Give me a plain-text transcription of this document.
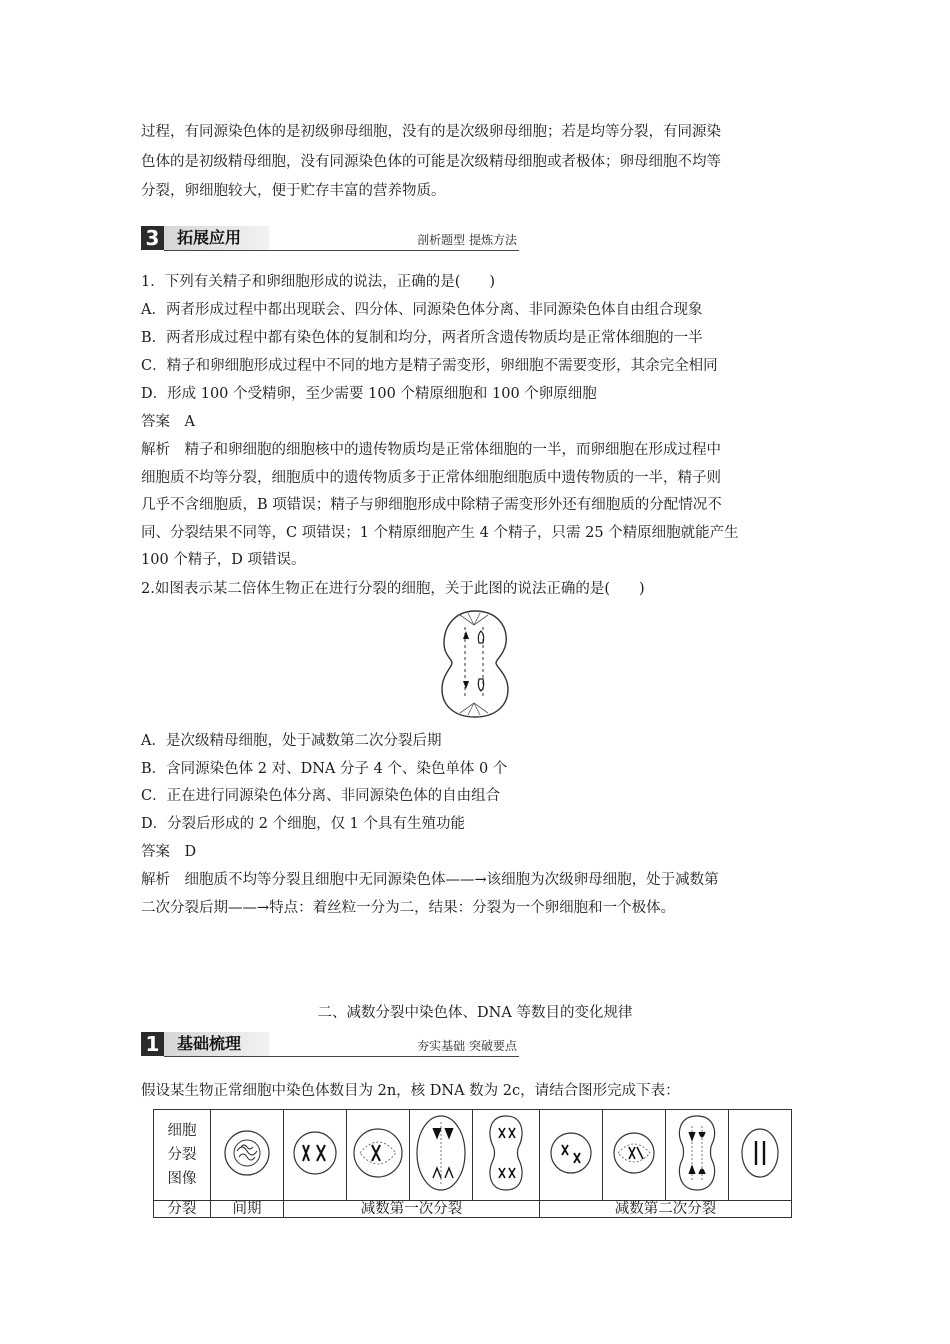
过程，有同源染色体的是初级卵母细胞，没有的是次级卵母细胞；若是均等分裂，有同源染
色体的是初级精母细胞，没有同源染色体的可能是次级精母细胞或者极体；卵母细胞不均等
分裂，卵细胞较大，便于贮存丰富的营养物质。
3 拓展应用	剖析题型 提炼方法
1．下列有关精子和卵细胞形成的说法，正确的是(　　)
A．两者形成过程中都出现联会、四分体、同源染色体分离、非同源染色体自由组合现象
B．两者形成过程中都有染色体的复制和均分，两者所含遗传物质均是正常体细胞的一半
C．精子和卵细胞形成过程中不同的地方是精子需变形，卵细胞不需要变形，其余完全相同
D．形成 100 个受精卵，至少需要 100 个精原细胞和 100 个卵原细胞
答案　A
解析　精子和卵细胞的细胞核中的遗传物质均是正常体细胞的一半，而卵细胞在形成过程中
细胞质不均等分裂，细胞质中的遗传物质多于正常体细胞细胞质中遗传物质的一半，精子则
几乎不含细胞质，B 项错误；精子与卵细胞形成中除精子需变形外还有细胞质的分配情况不
同、分裂结果不同等，C 项错误；1 个精原细胞产生 4 个精子，只需 25 个精原细胞就能产生
100 个精子，D 项错误。
2.如图表示某二倍体生物正在进行分裂的细胞，关于此图的说法正确的是(　　)
A．是次级精母细胞，处于减数第二次分裂后期
B．含同源染色体 2 对、DNA 分子 4 个、染色单体 0 个
C．正在进行同源染色体分离、非同源染色体的自由组合
D．分裂后形成的 2 个细胞，仅 1 个具有生殖功能
答案　D
解析　细胞质不均等分裂且细胞中无同源染色体——→该细胞为次级卵母细胞，处于减数第
二次分裂后期——→特点：着丝粒一分为二，结果：分裂为一个卵细胞和一个极体。
二、减数分裂中染色体、DNA 等数目的变化规律
1 基础梳理	夯实基础 突破要点
假设某生物正常细胞中染色体数目为 2n，核 DNA 数为 2c，请结合图形完成下表：
细胞
分裂
图像

分裂	间期	减数第一次分裂				减数第二次分裂			
